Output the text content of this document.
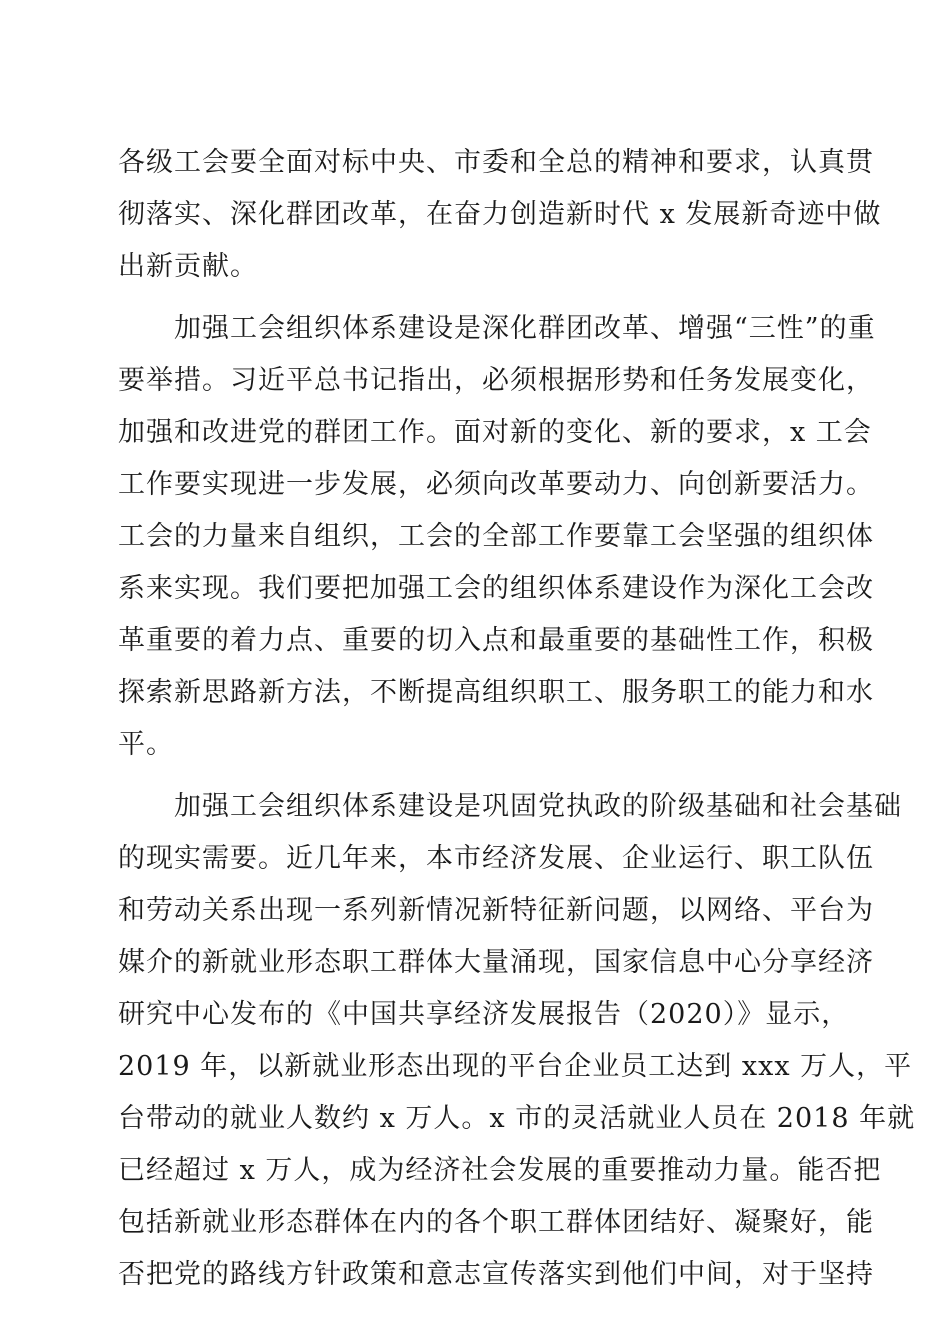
各级工会要全面对标中央、市委和全总的精神和要求，认真贯
彻落实、深化群团改革，在奋力创造新时代 x 发展新奇迹中做
出新贡献。
　　加强工会组织体系建设是深化群团改革、增强“三性”的重
要举措。习近平总书记指出，必须根据形势和任务发展变化，
加强和改进党的群团工作。面对新的变化、新的要求，x 工会
工作要实现进一步发展，必须向改革要动力、向创新要活力。
工会的力量来自组织，工会的全部工作要靠工会坚强的组织体
系来实现。我们要把加强工会的组织体系建设作为深化工会改
革重要的着力点、重要的切入点和最重要的基础性工作，积极
探索新思路新方法，不断提高组织职工、服务职工的能力和水
平。
　　加强工会组织体系建设是巩固党执政的阶级基础和社会基础
的现实需要。近几年来，本市经济发展、企业运行、职工队伍
和劳动关系出现一系列新情况新特征新问题，以网络、平台为
媒介的新就业形态职工群体大量涌现，国家信息中心分享经济
研究中心发布的《中国共享经济发展报告（2020）》显示，
2019 年，以新就业形态出现的平台企业员工达到 xxx 万人，平
台带动的就业人数约 x 万人。x 市的灵活就业人员在 2018 年就
已经超过 x 万人，成为经济社会发展的重要推动力量。能否把
包括新就业形态群体在内的各个职工群体团结好、凝聚好，能
否把党的路线方针政策和意志宣传落实到他们中间，对于坚持
